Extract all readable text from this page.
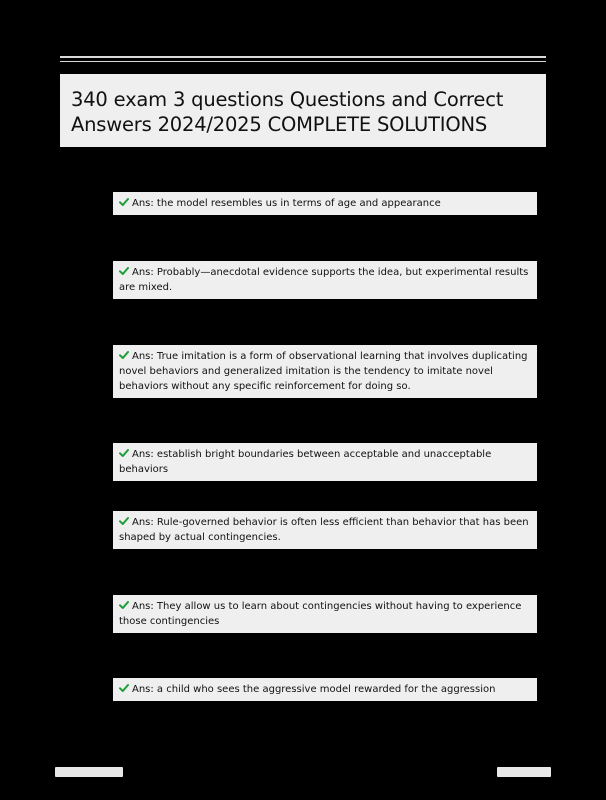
340 exam 3 questions Questions and Correct
Answers 2024/2025 COMPLETE SOLUTIONS
Ans: the model resembles us in terms of age and appearance
Ans: Probably—anecdotal evidence supports the idea, but experimental results are mixed.
Ans: True imitation is a form of observational learning that involves duplicating novel behaviors and generalized imitation is the tendency to imitate novel behaviors without any specific reinforcement for doing so.
Ans: establish bright boundaries between acceptable and unacceptable behaviors
Ans: Rule-governed behavior is often less efficient than behavior that has been shaped by actual contingencies.
Ans: They allow us to learn about contingencies without having to experience those contingencies
Ans: a child who sees the aggressive model rewarded for the aggression
